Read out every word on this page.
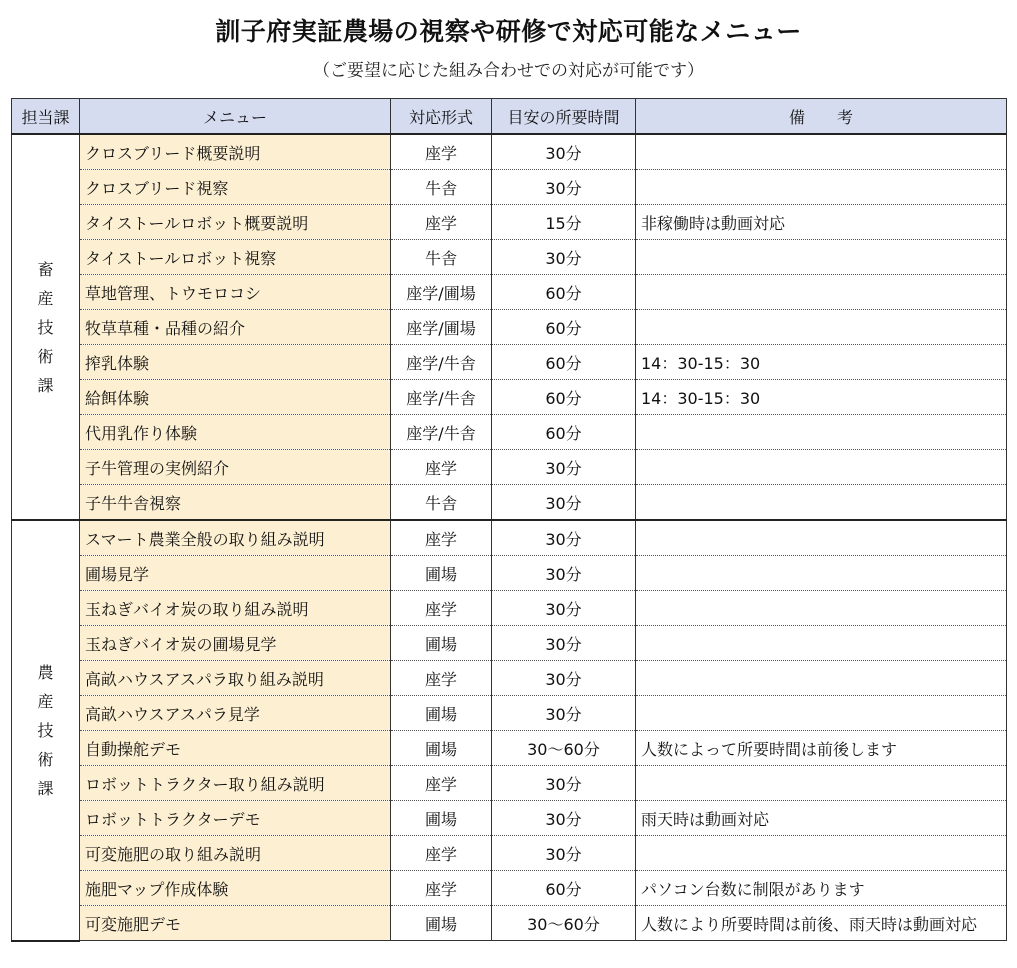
訓子府実証農場の視察や研修で対応可能なメニュー
（ご要望に応じた組み合わせでの対応が可能です）
担当課	メニュー	対応形式	目安の所要時間	備　　考

畜
産
技
術
課	クロスブリード概要説明	座学	30分	
	クロスブリード視察	牛舎	30分	
	タイストールロボット概要説明	座学	15分	非稼働時は動画対応
	タイストールロボット視察	牛舎	30分	
	草地管理、トウモロコシ	座学/圃場	60分	
	牧草草種・品種の紹介	座学/圃場	60分	
	搾乳体験	座学/牛舎	60分	14：30-15：30
	給餌体験	座学/牛舎	60分	14：30-15：30
	代用乳作り体験	座学/牛舎	60分	
	子牛管理の実例紹介	座学	30分	
	子牛牛舎視察	牛舎	30分	

農
産
技
術
課	スマート農業全般の取り組み説明	座学	30分	
	圃場見学	圃場	30分	
	玉ねぎバイオ炭の取り組み説明	座学	30分	
	玉ねぎバイオ炭の圃場見学	圃場	30分	
	高畝ハウスアスパラ取り組み説明	座学	30分	
	高畝ハウスアスパラ見学	圃場	30分	
	自動操舵デモ	圃場	30～60分	人数によって所要時間は前後します
	ロボットトラクター取り組み説明	座学	30分	
	ロボットトラクターデモ	圃場	30分	雨天時は動画対応
	可変施肥の取り組み説明	座学	30分	
	施肥マップ作成体験	座学	60分	パソコン台数に制限があります
	可変施肥デモ	圃場	30～60分	人数により所要時間は前後、雨天時は動画対応
